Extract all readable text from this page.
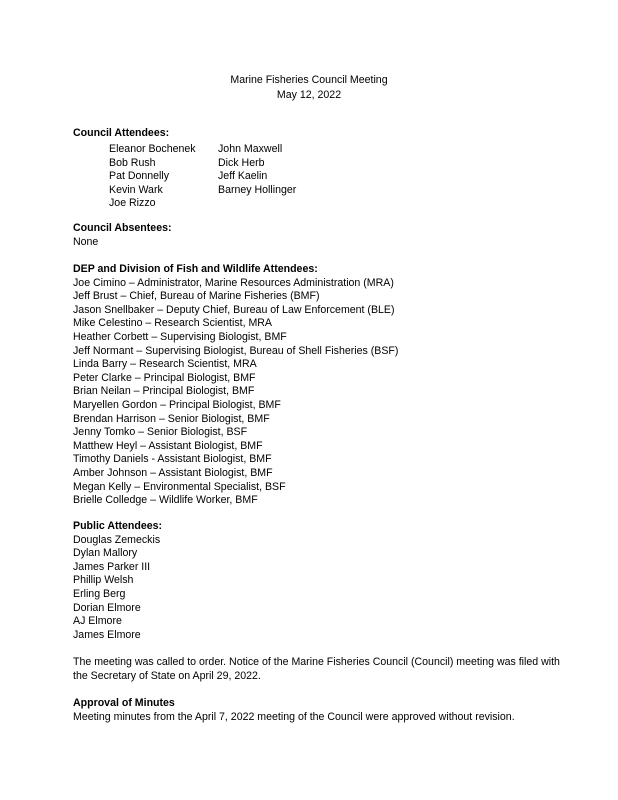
Marine Fisheries Council Meeting
May 12, 2022
Council Attendees:
Eleanor Bochenek
Bob Rush
Pat Donnelly
Kevin Wark
Joe Rizzo
John Maxwell
Dick Herb
Jeff Kaelin
Barney Hollinger
Council Absentees:
None
DEP and Division of Fish and Wildlife Attendees:
Joe Cimino – Administrator, Marine Resources Administration (MRA)
Jeff Brust – Chief, Bureau of Marine Fisheries (BMF)
Jason Snellbaker – Deputy Chief, Bureau of Law Enforcement (BLE)
Mike Celestino – Research Scientist, MRA
Heather Corbett – Supervising Biologist, BMF
Jeff Normant – Supervising Biologist, Bureau of Shell Fisheries (BSF)
Linda Barry – Research Scientist, MRA
Peter Clarke – Principal Biologist, BMF
Brian Neilan – Principal Biologist, BMF
Maryellen Gordon – Principal Biologist, BMF
Brendan Harrison – Senior Biologist, BMF
Jenny Tomko – Senior Biologist, BSF
Matthew Heyl – Assistant Biologist, BMF
Timothy Daniels - Assistant Biologist, BMF
Amber Johnson – Assistant Biologist, BMF
Megan Kelly – Environmental Specialist, BSF
Brielle Colledge – Wildlife Worker, BMF
Public Attendees:
Douglas Zemeckis
Dylan Mallory
James Parker III
Phillip Welsh
Erling Berg
Dorian Elmore
AJ Elmore
James Elmore
The meeting was called to order. Notice of the Marine Fisheries Council (Council) meeting was filed with
the Secretary of State on April 29, 2022.
Approval of Minutes
Meeting minutes from the April 7, 2022 meeting of the Council were approved without revision.
